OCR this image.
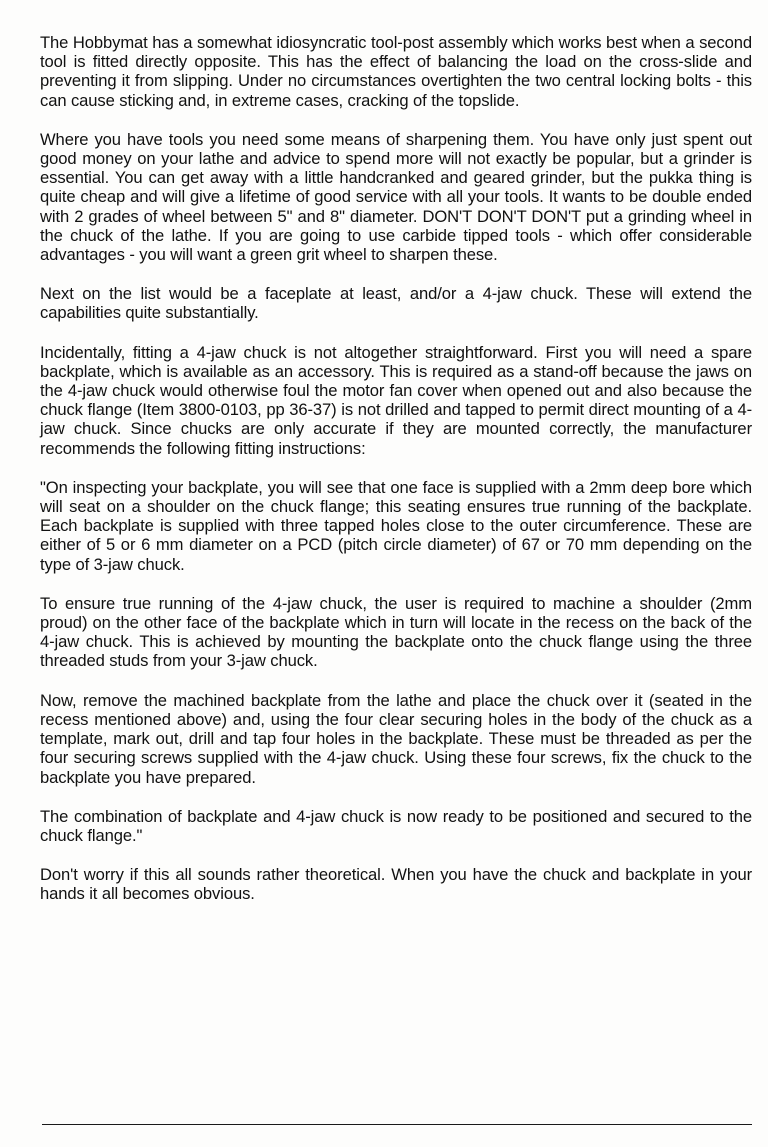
The Hobbymat has a somewhat idiosyncratic tool-post assembly which works best when a second tool is fitted directly opposite. This has the effect of balancing the load on the cross-slide and preventing it from slipping. Under no circumstances overtighten the two central locking bolts - this can cause sticking and, in extreme cases, cracking of the topslide.

Where you have tools you need some means of sharpening them. You have only just spent out good money on your lathe and advice to spend more will not exactly be popular, but a grinder is essential. You can get away with a little handcranked and geared grinder, but the pukka thing is quite cheap and will give a lifetime of good service with all your tools. It wants to be double ended with 2 grades of wheel between 5" and 8" diameter. DON'T DON'T DON'T put a grinding wheel in the chuck of the lathe. If you are going to use carbide tipped tools - which offer considerable advantages - you will want a green grit wheel to sharpen these.

Next on the list would be a faceplate at least, and/or a 4-jaw chuck. These will extend the capabilities quite substantially.

Incidentally, fitting a 4-jaw chuck is not altogether straightforward. First you will need a spare backplate, which is available as an accessory. This is required as a stand-off because the jaws on the 4-jaw chuck would otherwise foul the motor fan cover when opened out and also because the chuck flange (Item 3800-0103, pp 36-37) is not drilled and tapped to permit direct mounting of a 4-jaw chuck. Since chucks are only accurate if they are mounted correctly, the manufacturer recommends the following fitting instructions:

"On inspecting your backplate, you will see that one face is supplied with a 2mm deep bore which will seat on a shoulder on the chuck flange; this seating ensures true running of the backplate. Each backplate is supplied with three tapped holes close to the outer circumference. These are either of 5 or 6 mm diameter on a PCD (pitch circle diameter) of 67 or 70 mm depending on the type of 3-jaw chuck.

To ensure true running of the 4-jaw chuck, the user is required to machine a shoulder (2mm proud) on the other face of the backplate which in turn will locate in the recess on the back of the 4-jaw chuck. This is achieved by mounting the backplate onto the chuck flange using the three threaded studs from your 3-jaw chuck.

Now, remove the machined backplate from the lathe and place the chuck over it (seated in the recess mentioned above) and, using the four clear securing holes in the body of the chuck as a template, mark out, drill and tap four holes in the backplate. These must be threaded as per the four securing screws supplied with the 4-jaw chuck. Using these four screws, fix the chuck to the backplate you have prepared.

The combination of backplate and 4-jaw chuck is now ready to be positioned and secured to the chuck flange."

Don't worry if this all sounds rather theoretical. When you have the chuck and backplate in your hands it all becomes obvious.
